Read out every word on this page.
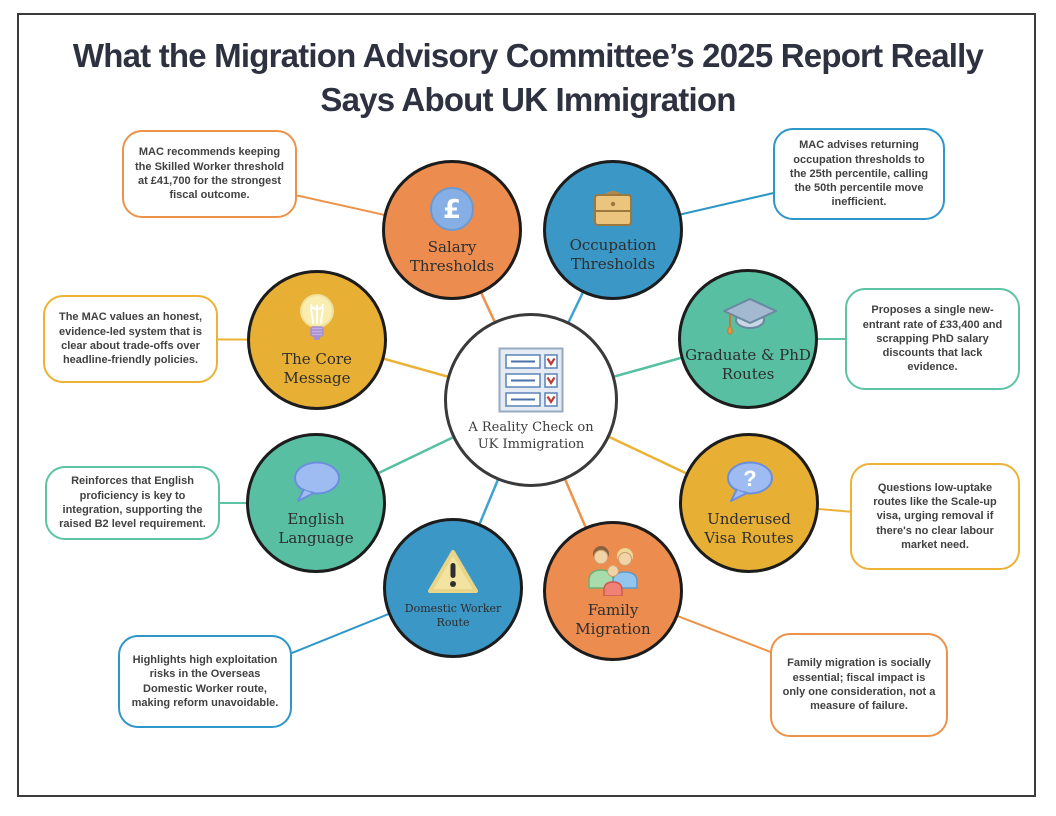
What the Migration Advisory Committee’s 2025 Report Really Says About UK Immigration
MAC recommends keeping the Skilled Worker threshold at £41,700 for the strongest fiscal outcome.
MAC advises returning occupation thresholds to the 25th percentile, calling the 50th percentile move inefficient.
Proposes a single new-entrant rate of £33,400 and scrapping PhD salary discounts that lack evidence.
Questions low-uptake routes like the Scale-up visa, urging removal if there's no clear labour market need.
Family migration is socially essential; fiscal impact is only one consideration, not a measure of failure.
Highlights high exploitation risks in the Overseas Domestic Worker route, making reform unavoidable.
Reinforces that English proficiency is key to integration, supporting the raised B2 level requirement.
The MAC values an honest, evidence-led system that is clear about trade-offs over headline-friendly policies.
A Reality Check on UK Immigration
£
Salary Thresholds
Occupation Thresholds
Graduate & PhD Routes
?
Underused Visa Routes
Family Migration
Domestic Worker Route
English Language
The Core Message
